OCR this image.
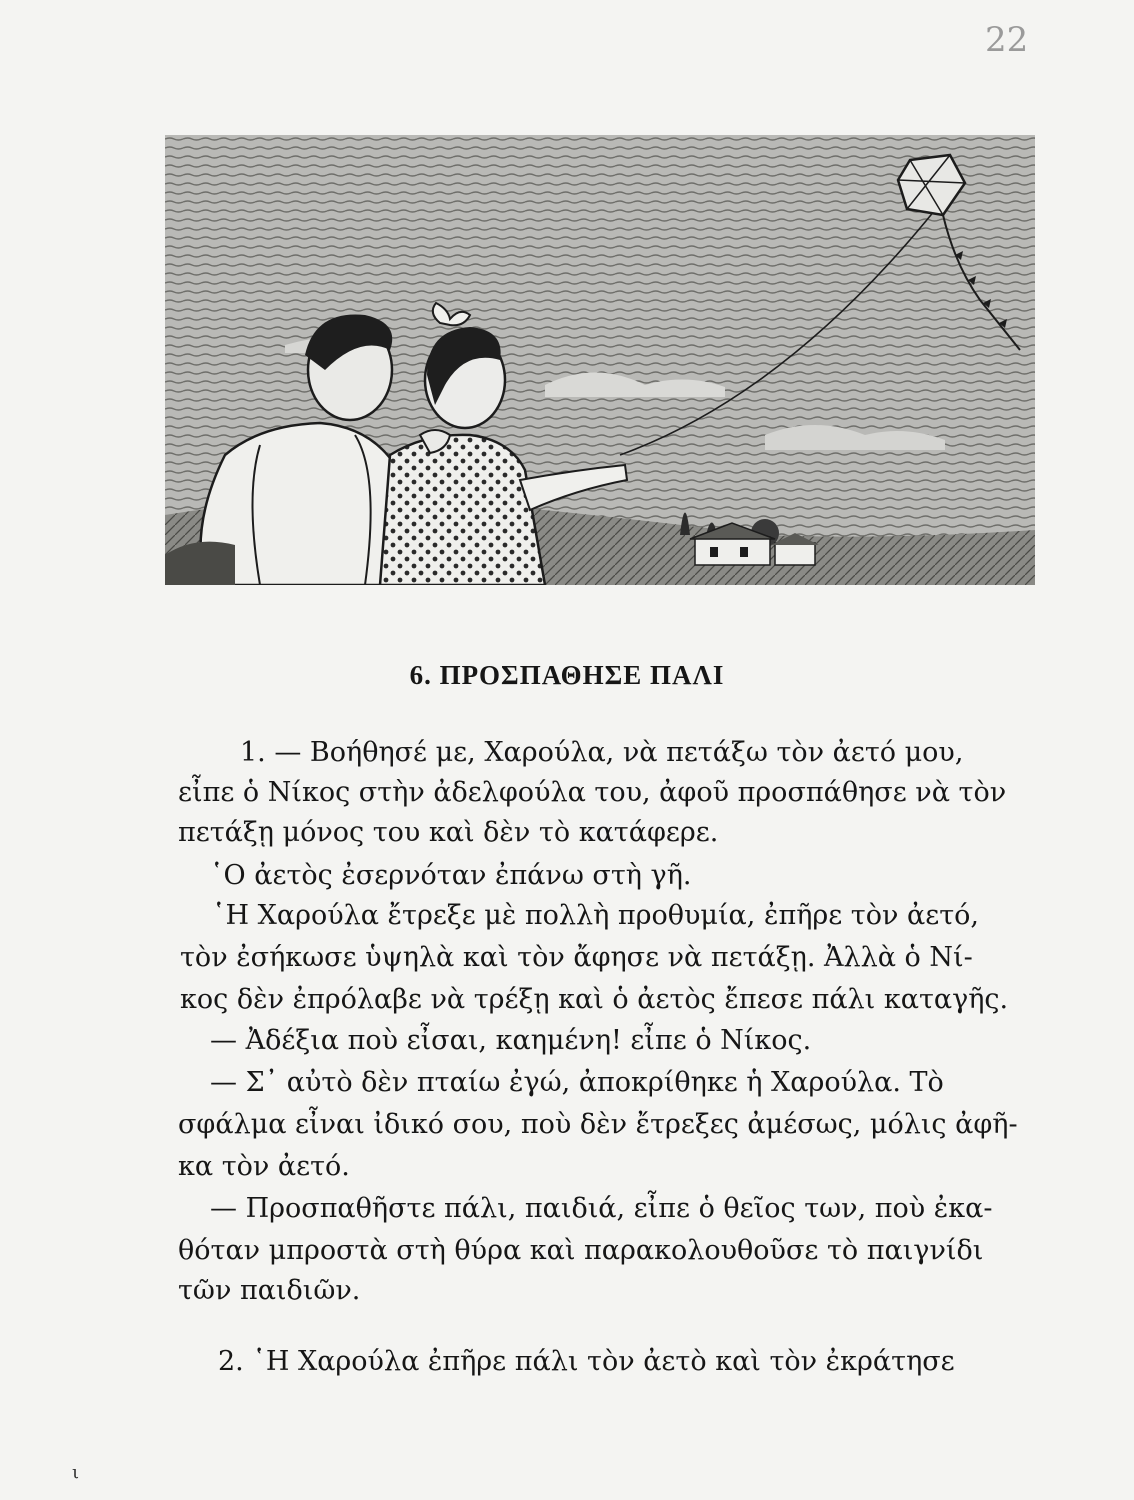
22
6. ΠΡΟΣΠΑΘΗΣΕ ΠΑΛΙ
1. — Βοήθησέ με, Χαρούλα, νὰ πετάξω τὸν ἀετό μου,
εἶπε ὁ Νίκος στὴν ἀδελφούλα του, ἀφοῦ προσπάθησε νὰ τὸν
πετάξῃ μόνος του καὶ δὲν τὸ κατάφερε.
῾Ο ἀετὸς ἐσερνόταν ἐπάνω στὴ γῆ.
῾Η Χαρούλα ἔτρεξε μὲ πολλὴ προθυμία, ἐπῆρε τὸν ἀετό,
τὸν ἐσήκωσε ὑψηλὰ καὶ τὸν ἄφησε νὰ πετάξῃ. Ἀλλὰ ὁ Νί-
κος δὲν ἐπρόλαβε νὰ τρέξῃ καὶ ὁ ἀετὸς ἔπεσε πάλι καταγῆς.
— Ἀδέξια ποὺ εἶσαι, καημένη! εἶπε ὁ Νίκος.
— Σ᾿ αὐτὸ δὲν πταίω ἐγώ, ἀποκρίθηκε ἡ Χαρούλα. Τὸ
σφάλμα εἶναι ἰδικό σου, ποὺ δὲν ἔτρεξες ἀμέσως, μόλις ἀφῆ-
κα τὸν ἀετό.
— Προσπαθῆστε πάλι, παιδιά, εἶπε ὁ θεῖος των, ποὺ ἐκα-
θόταν μπροστὰ στὴ θύρα καὶ παρακολουθοῦσε τὸ παιγνίδι
τῶν παιδιῶν.
2. ῾Η Χαρούλα ἐπῆρε πάλι τὸν ἀετὸ καὶ τὸν ἐκράτησε
ι
